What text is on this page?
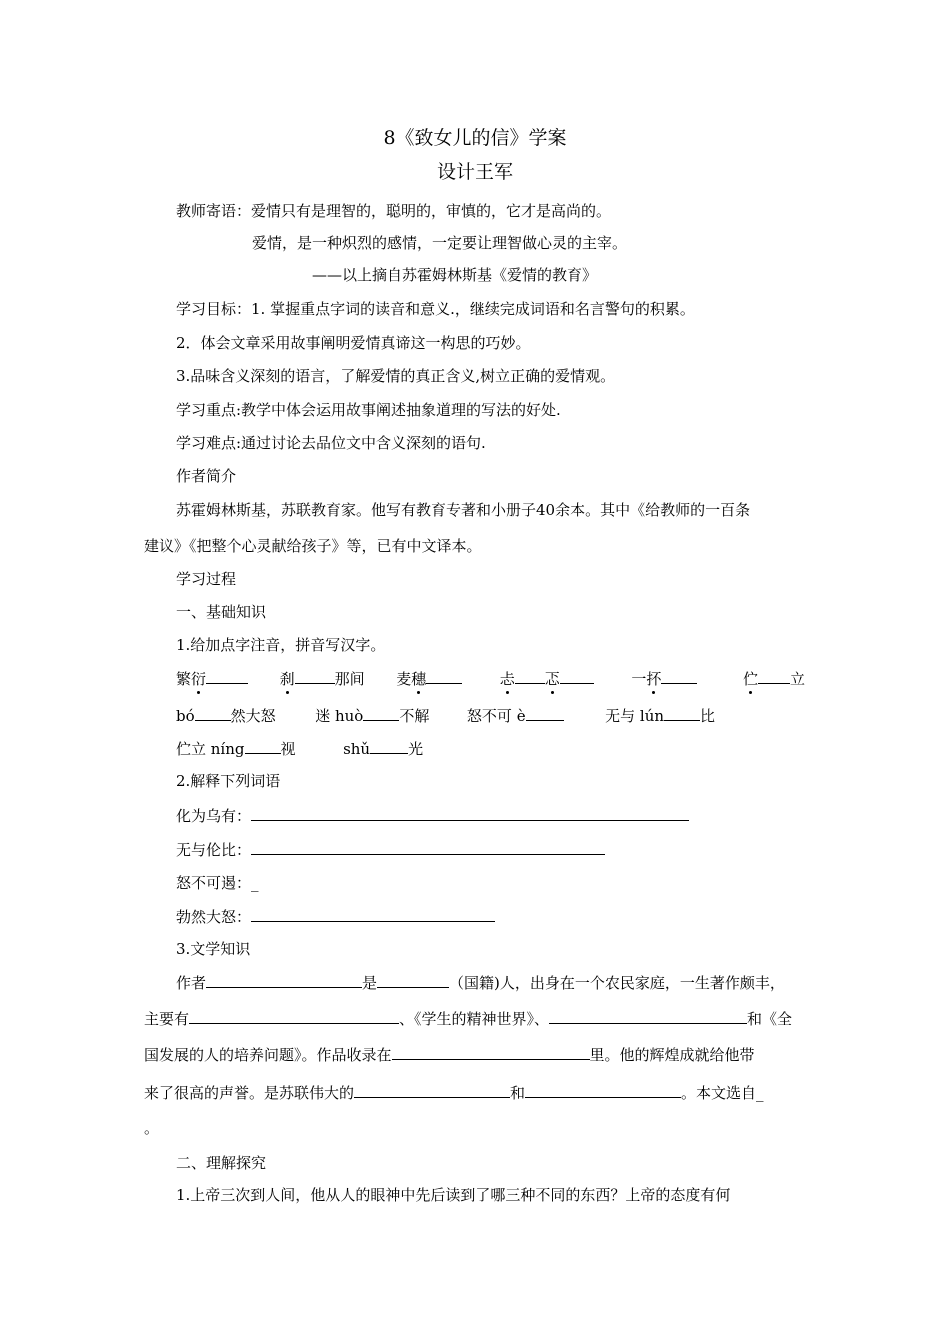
8《致女儿的信》学案
设计王军
教师寄语：爱情只有是理智的，聪明的，审慎的，它才是高尚的。
爱情，是一种炽烈的感情，一定要让理智做心灵的主宰。
——以上摘自苏霍姆林斯基《爱情的教育》
学习目标：1. 掌握重点字词的读音和意义.，继续完成词语和名言警句的积累。
2．体会文章采用故事阐明爱情真谛这一构思的巧妙。
3.品味含义深刻的语言，了解爱情的真正含义,树立正确的爱情观。
学习重点:教学中体会运用故事阐述抽象道理的写法的好处.
学习难点:通过讨论去品位文中含义深刻的语句.
作者简介
苏霍姆林斯基，苏联教育家。他写有教育专著和小册子40余本。其中《给教师的一百条
建议》《把整个心灵献给孩子》等，已有中文译本。
学习过程
一、基础知识
1.给加点字注音，拼音写汉字。
繁衍	刹	那间 麦穗	忐 忑	一抔	伫 立
bó 然大怒	迷 huò 不解	怒不可 è	无与 lún 比
伫立 níng 视	shǔ	光
2.解释下列词语
化为乌有：
无与伦比：
怒不可遏：_
勃然大怒：
3.文学知识
作者	是	（国籍)人，出身在一个农民家庭，一生著作颇丰，
主要有	、《学生的精神世界》、	和《全
国发展的人的培养问题》。作品收录在	里。他的辉煌成就给他带
来了很高的声誉。是苏联伟大的	和	。本文选自_
。
二、理解探究
1.上帝三次到人间，他从人的眼神中先后读到了哪三种不同的东西？上帝的态度有何
